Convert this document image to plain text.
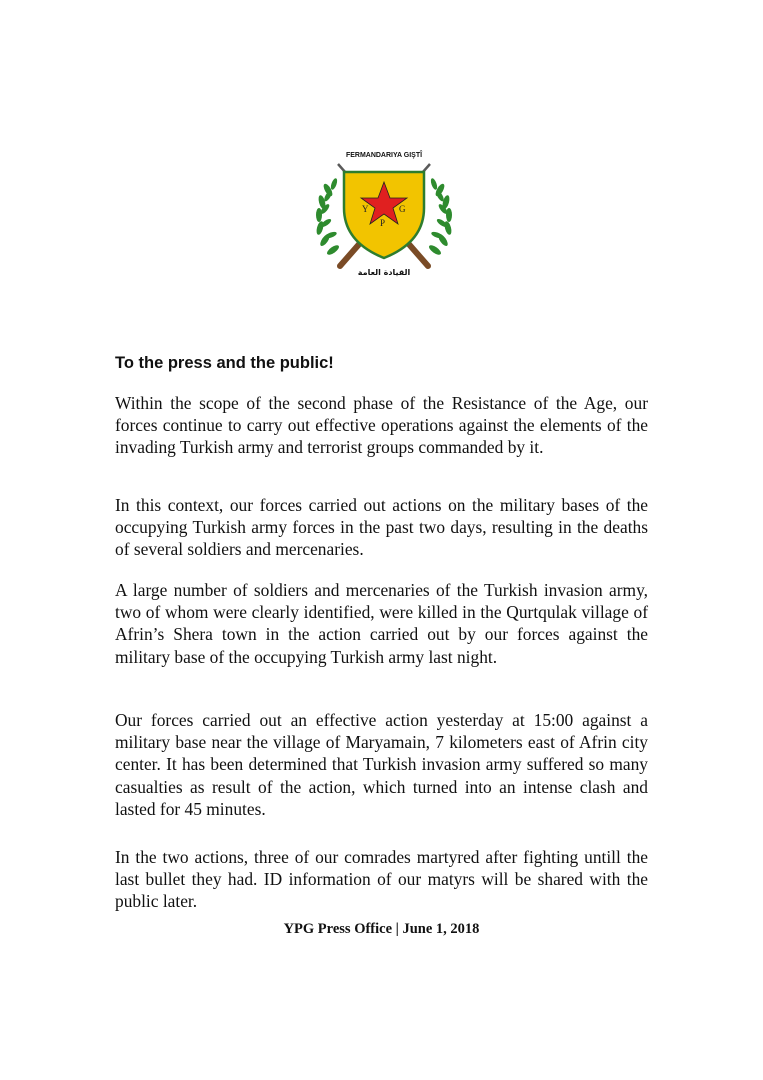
Y	G
P
FERMANDARIYA GIŞTÎ
القيادة العامة
To the press and the public!

Within the scope of the second phase of the Resistance of the Age, our forces continue to carry out effective operations against the elements of the invading Turkish army and terrorist groups commanded by it.

In this context, our forces carried out actions on the military bases of the occupying Turkish army forces in the past two days, resulting in the deaths of several soldiers and mercenaries.

A large number of soldiers and mercenaries of the Turkish invasion army, two of whom were clearly identified, were killed in the Qurtqulak village of Afrin’s Shera town in the action carried out by our forces against the military base of the occupying Turkish army last night.

Our forces carried out an effective action yesterday at 15:00 against a military base near the village of Maryamain, 7 kilometers east of Afrin city center. It has been determined that Turkish invasion army suffered so many casualties as result of the action, which turned into an intense clash and lasted for 45 minutes.

In the two actions, three of our comrades martyred after fighting untill the last bullet they had. ID information of our matyrs will be shared with the public later.

YPG Press Office | June 1, 2018
